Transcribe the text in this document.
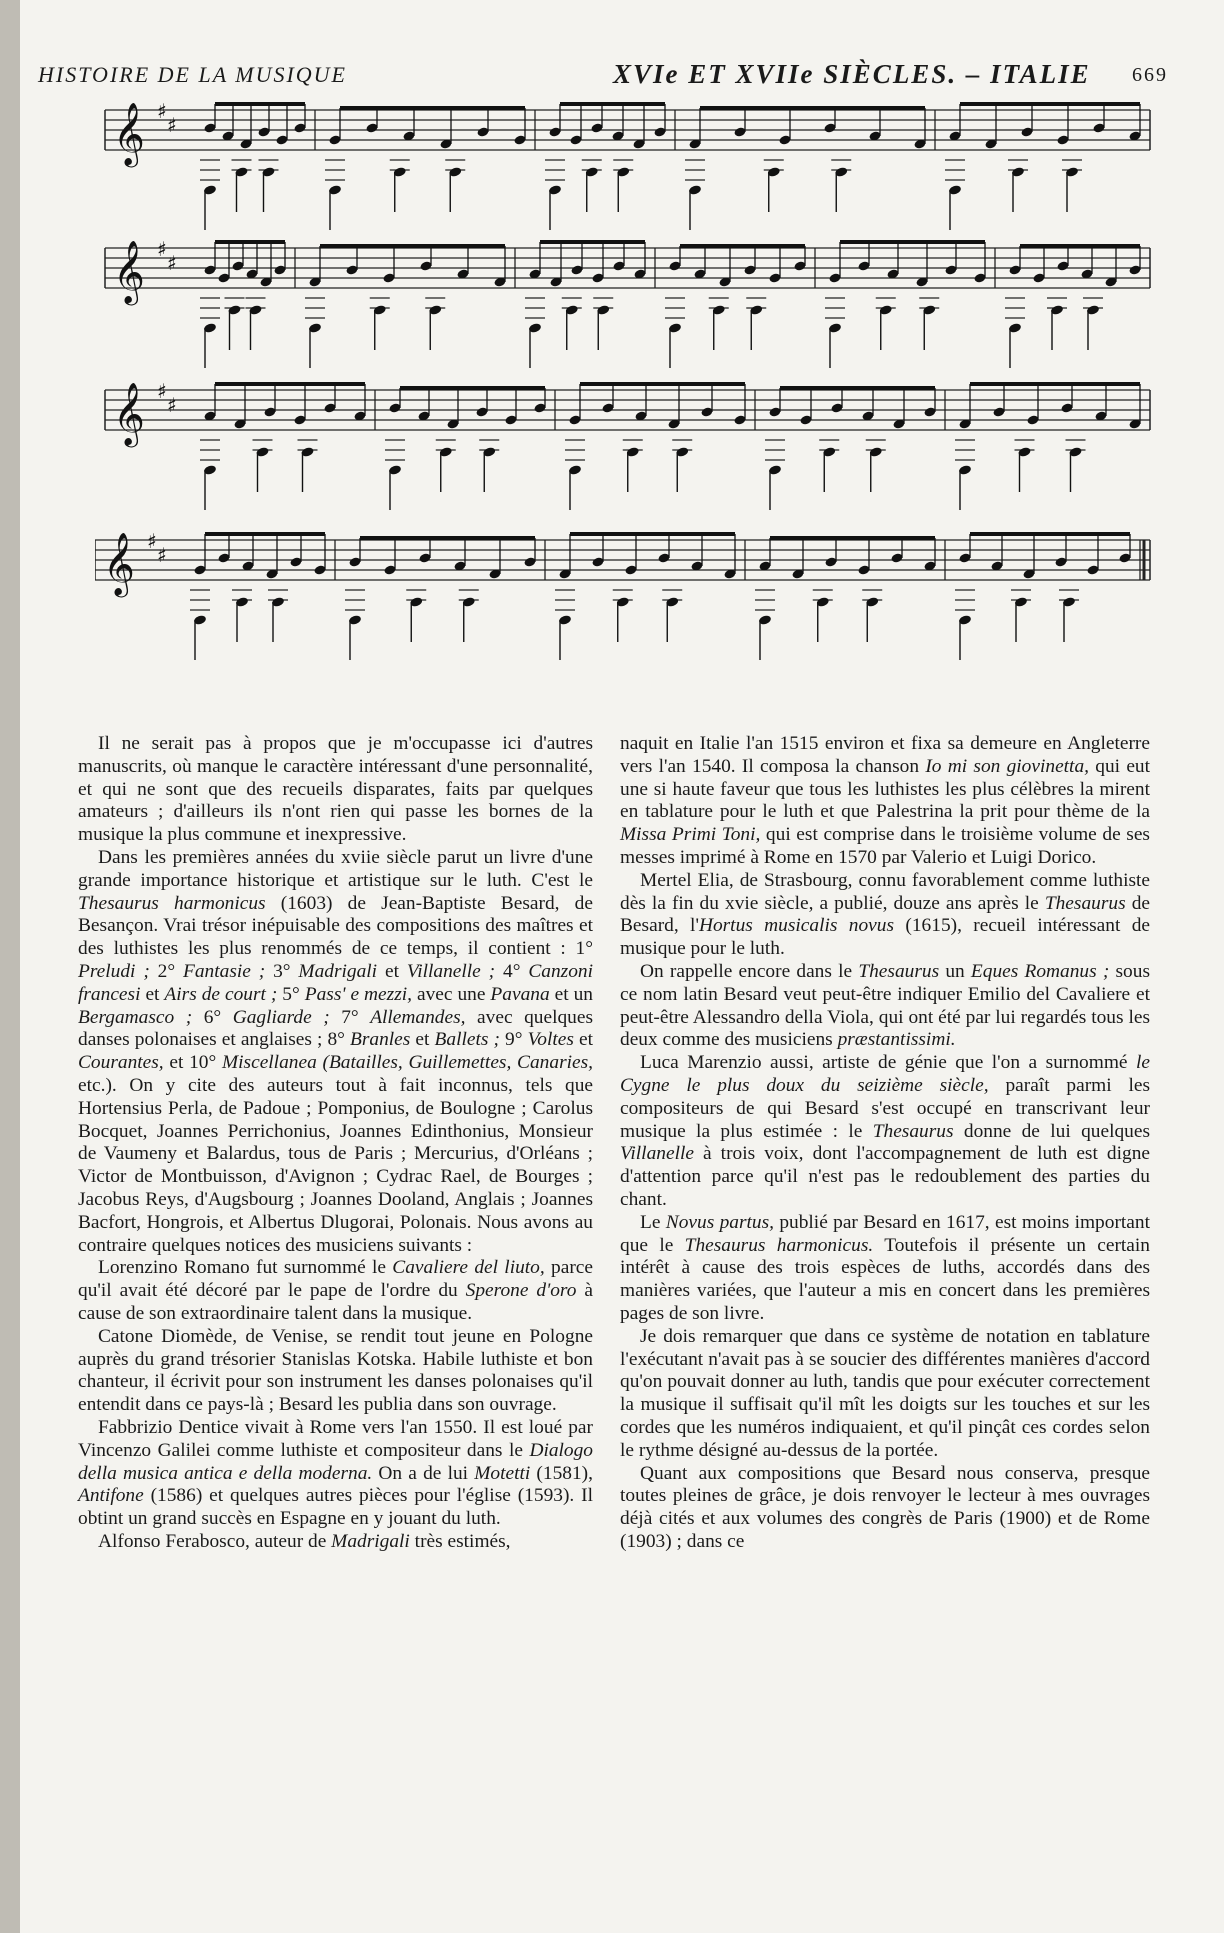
HISTOIRE DE LA MUSIQUE	XVIe ET XVIIe SIÈCLES. – ITALIE 669
𝄞 ♯
♯
𝄞 ♯
♯
𝄞 ♯
♯
𝄞 ♯
♯

Il ne serait pas à propos que je m'occupasse ici d'autres manuscrits, où manque le caractère intéressant d'une personnalité, et qui ne sont que des recueils disparates, faits par quelques amateurs ; d'ailleurs ils n'ont rien qui passe les bornes de la musique la plus commune et inexpressive.

Dans les premières années du xviie siècle parut un livre d'une grande importance historique et artistique sur le luth. C'est le Thesaurus harmonicus (1603) de Jean-Baptiste Besard, de Besançon. Vrai trésor inépuisable des compositions des maîtres et des luthistes les plus renommés de ce temps, il contient : 1° Preludi ; 2° Fantasie ; 3° Madrigali et Villanelle ; 4° Canzoni francesi et Airs de court ; 5° Pass' e mezzi, avec une Pavana et un Bergamasco ; 6° Gagliarde ; 7° Allemandes, avec quelques danses polonaises et anglaises ; 8° Branles et Ballets ; 9° Voltes et Courantes, et 10° Miscellanea (Batailles, Guillemettes, Canaries, etc.). On y cite des auteurs tout à fait inconnus, tels que Hortensius Perla, de Padoue ; Pomponius, de Boulogne ; Carolus Bocquet, Joannes Perrichonius, Joannes Edinthonius, Monsieur de Vaumeny et Balardus, tous de Paris ; Mercurius, d'Orléans ; Victor de Montbuisson, d'Avignon ; Cydrac Rael, de Bourges ; Jacobus Reys, d'Augsbourg ; Joannes Dooland, Anglais ; Joannes Bacfort, Hongrois, et Albertus Dlugorai, Polonais. Nous avons au contraire quelques notices des musiciens suivants :

Lorenzino Romano fut surnommé le Cavaliere del liuto, parce qu'il avait été décoré par le pape de l'ordre du Sperone d'oro à cause de son extraordinaire talent dans la musique.

Catone Diomède, de Venise, se rendit tout jeune en Pologne auprès du grand trésorier Stanislas Kotska. Habile luthiste et bon chanteur, il écrivit pour son instrument les danses polonaises qu'il entendit dans ce pays-là ; Besard les publia dans son ouvrage.

Fabbrizio Dentice vivait à Rome vers l'an 1550. Il est loué par Vincenzo Galilei comme luthiste et compositeur dans le Dialogo della musica antica e della moderna. On a de lui Motetti (1581), Antifone (1586) et quelques autres pièces pour l'église (1593). Il obtint un grand succès en Espagne en y jouant du luth.

Alfonso Ferabosco, auteur de Madrigali très estimés,

naquit en Italie l'an 1515 environ et fixa sa demeure en Angleterre vers l'an 1540. Il composa la chanson Io mi son giovinetta, qui eut une si haute faveur que tous les luthistes les plus célèbres la mirent en tablature pour le luth et que Palestrina la prit pour thème de la Missa Primi Toni, qui est comprise dans le troisième volume de ses messes imprimé à Rome en 1570 par Valerio et Luigi Dorico.

Mertel Elia, de Strasbourg, connu favorablement comme luthiste dès la fin du xvie siècle, a publié, douze ans après le Thesaurus de Besard, l'Hortus musicalis novus (1615), recueil intéressant de musique pour le luth.

On rappelle encore dans le Thesaurus un Eques Romanus ; sous ce nom latin Besard veut peut-être indiquer Emilio del Cavaliere et peut-être Alessandro della Viola, qui ont été par lui regardés tous les deux comme des musiciens præstantissimi.

Luca Marenzio aussi, artiste de génie que l'on a surnommé le Cygne le plus doux du seizième siècle, paraît parmi les compositeurs de qui Besard s'est occupé en transcrivant leur musique la plus estimée : le Thesaurus donne de lui quelques Villanelle à trois voix, dont l'accompagnement de luth est digne d'attention parce qu'il n'est pas le redoublement des parties du chant.

Le Novus partus, publié par Besard en 1617, est moins important que le Thesaurus harmonicus. Toutefois il présente un certain intérêt à cause des trois espèces de luths, accordés dans des manières variées, que l'auteur a mis en concert dans les premières pages de son livre.

Je dois remarquer que dans ce système de notation en tablature l'exécutant n'avait pas à se soucier des différentes manières d'accord qu'on pouvait donner au luth, tandis que pour exécuter correctement la musique il suffisait qu'il mît les doigts sur les touches et sur les cordes que les numéros indiquaient, et qu'il pinçât ces cordes selon le rythme désigné au-dessus de la portée.

Quant aux compositions que Besard nous conserva, presque toutes pleines de grâce, je dois renvoyer le lecteur à mes ouvrages déjà cités et aux volumes des congrès de Paris (1900) et de Rome (1903) ; dans ce
